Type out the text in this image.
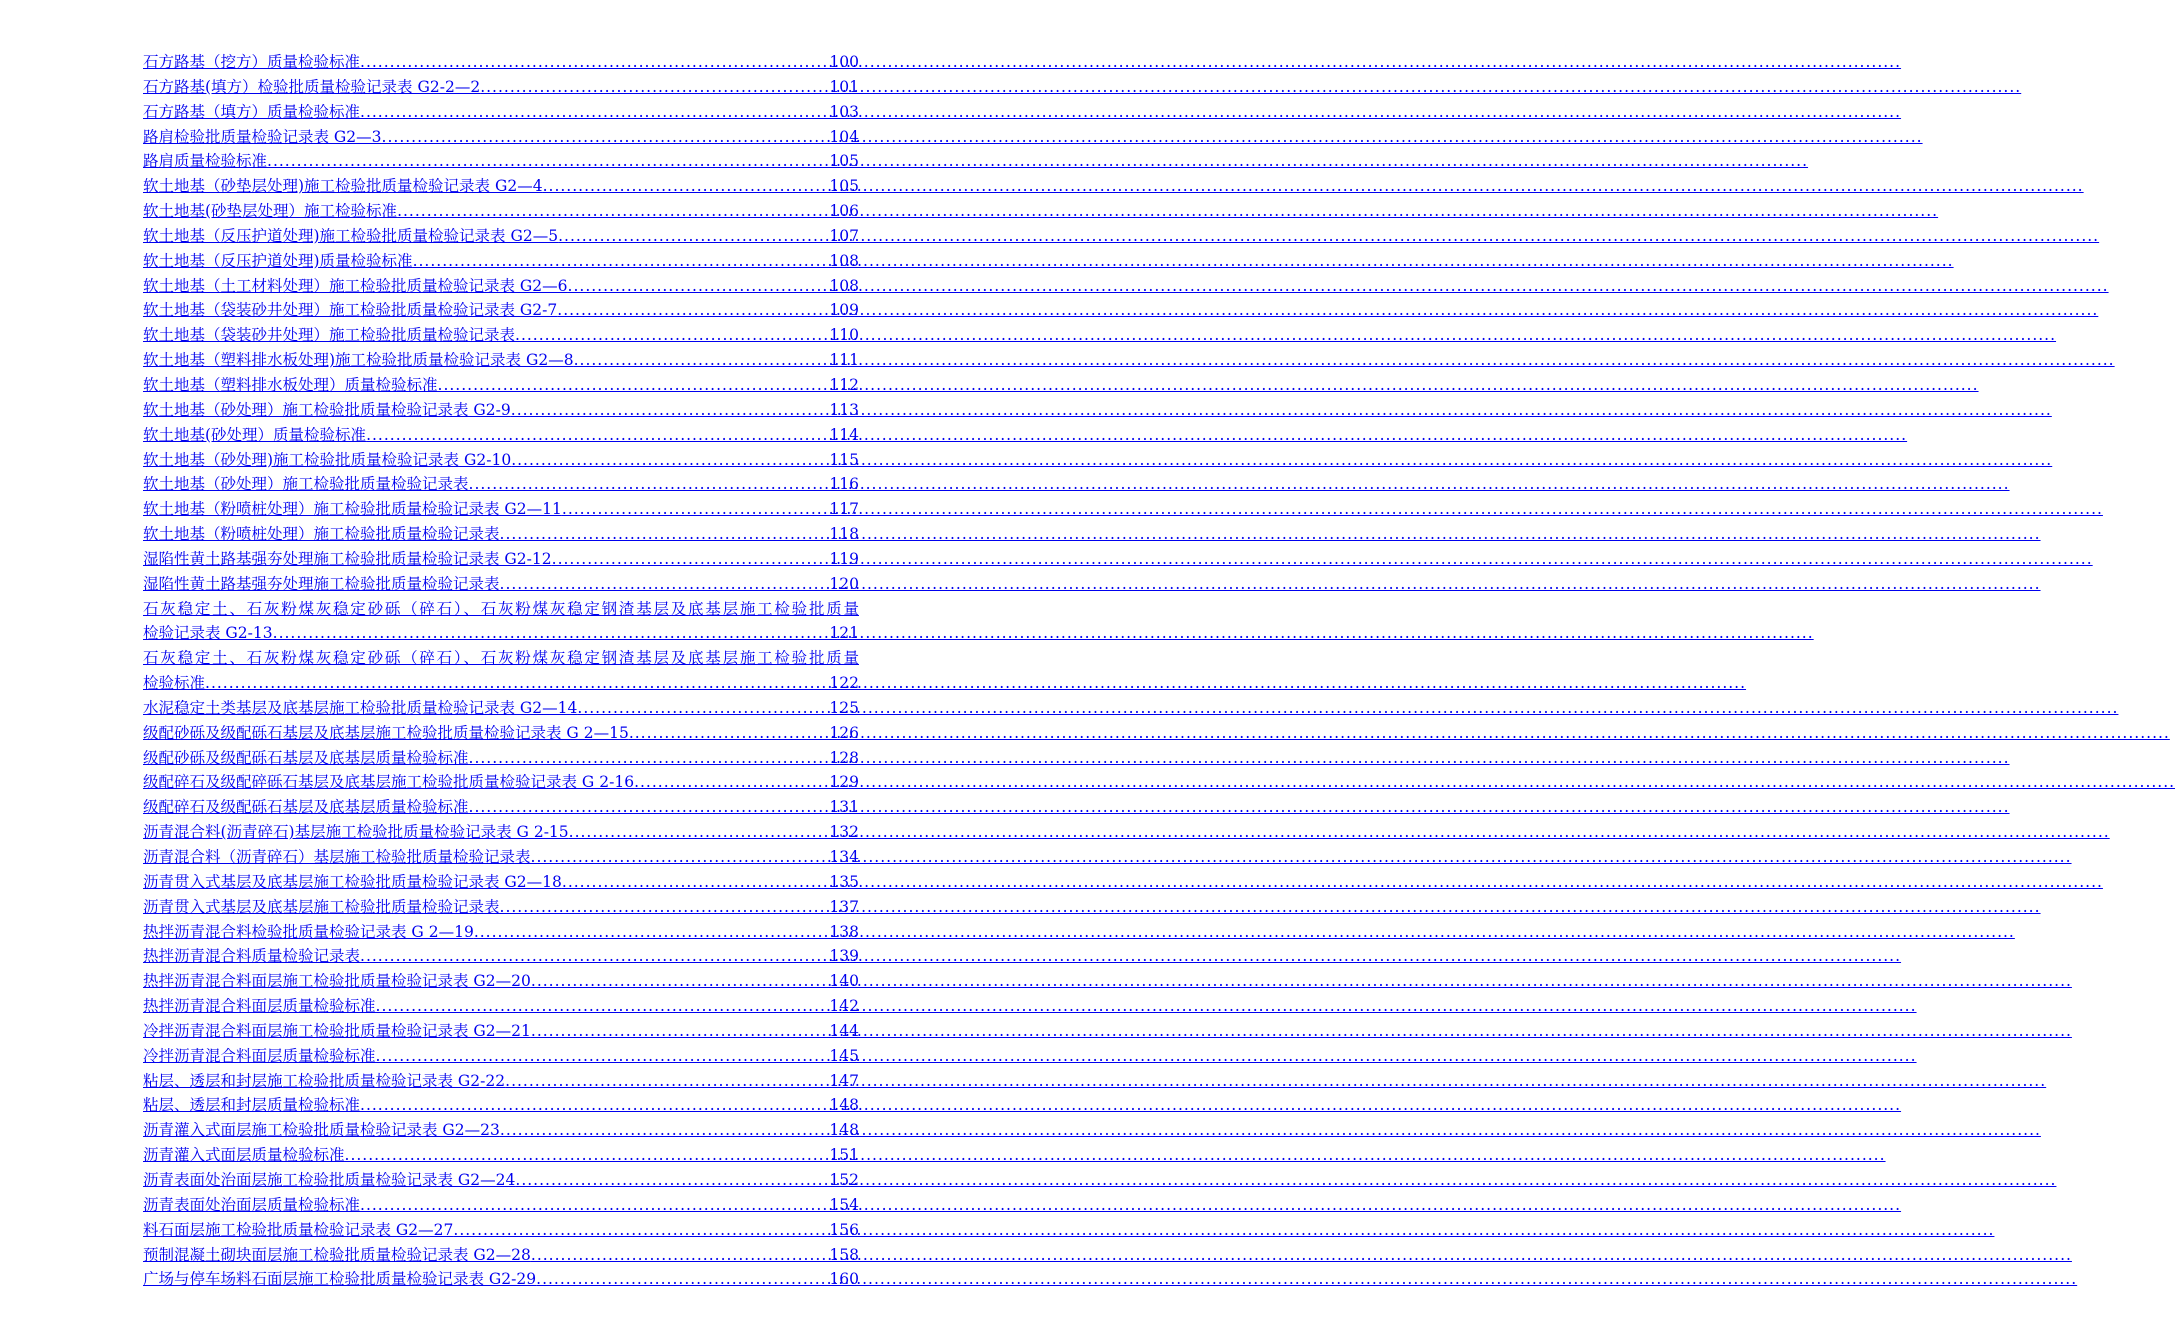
石方路基（挖方）质量检验标准 .....	100
石方路基(填方）检验批质量检验记录表 G2-2—2 .....	101
石方路基（填方）质量检验标准 .....	103
路肩检验批质量检验记录表 G2—3 .....	104
路肩质量检验标准 .....	105
软土地基（砂垫层处理)施工检验批质量检验记录表 G2—4 .....	105
软土地基(砂垫层处理）施工检验标准 .....	106
软土地基（反压护道处理)施工检验批质量检验记录表 G2—5 .....	107
软土地基（反压护道处理)质量检验标准 .....	108
软土地基（土工材料处理）施工检验批质量检验记录表 G2—6 .....	108
软土地基（袋装砂井处理）施工检验批质量检验记录表 G2-7 .....	109
软土地基（袋装砂井处理）施工检验批质量检验记录表 .....	110
软土地基（塑料排水板处理)施工检验批质量检验记录表 G2—8 .....	111
软土地基（塑料排水板处理）质量检验标准 .....	112
软土地基（砂处理）施工检验批质量检验记录表 G2-9 .....	113
软土地基(砂处理）质量检验标准 .....	114
软土地基（砂处理)施工检验批质量检验记录表 G2-10 .....	115
软土地基（砂处理）施工检验批质量检验记录表 .....	116
软土地基（粉喷桩处理）施工检验批质量检验记录表 G2—11 .....	117
软土地基（粉喷桩处理）施工检验批质量检验记录表 .....	118
湿陷性黄土路基强夯处理施工检验批质量检验记录表 G2-12 .....	119
湿陷性黄土路基强夯处理施工检验批质量检验记录表 .....	120
石灰稳定土、石灰粉煤灰稳定砂砾（碎石）、石灰粉煤灰稳定钢渣基层及底基层施工检验批质量
检验记录表 G2-13 .....	121
石灰稳定土、石灰粉煤灰稳定砂砾（碎石）、石灰粉煤灰稳定钢渣基层及底基层施工检验批质量
检验标准 .....	122
水泥稳定土类基层及底基层施工检验批质量检验记录表 G2—14 .....	125
级配砂砾及级配砾石基层及底基层施工检验批质量检验记录表 G 2—15 .....	126
级配砂砾及级配砾石基层及底基层质量检验标准 .....	128
级配碎石及级配碎砾石基层及底基层施工检验批质量检验记录表 G 2-16 .....	129
级配碎石及级配砾石基层及底基层质量检验标准 .....	131
沥青混合料(沥青碎石)基层施工检验批质量检验记录表 G 2-15 .....	132
沥青混合料（沥青碎石）基层施工检验批质量检验记录表 .....	134
沥青贯入式基层及底基层施工检验批质量检验记录表 G2—18 .....	135
沥青贯入式基层及底基层施工检验批质量检验记录表 .....	137
热拌沥青混合料检验批质量检验记录表 G 2—19 .....	138
热拌沥青混合料质量检验记录表 .....	139
热拌沥青混合料面层施工检验批质量检验记录表 G2—20 .....	140
热拌沥青混合料面层质量检验标准 .....	142
冷拌沥青混合料面层施工检验批质量检验记录表 G2—21 .....	144
冷拌沥青混合料面层质量检验标准 .....	145
粘层、透层和封层施工检验批质量检验记录表 G2-22 .....	147
粘层、透层和封层质量检验标准 .....	148
沥青灌入式面层施工检验批质量检验记录表 G2—23 .....	148
沥青灌入式面层质量检验标准 .....	151
沥青表面处治面层施工检验批质量检验记录表 G2—24 .....	152
沥青表面处治面层质量检验标准 .....	154
料石面层施工检验批质量检验记录表 G2—27 .....	156
预制混凝土砌块面层施工检验批质量检验记录表 G2—28 .....	158
广场与停车场料石面层施工检验批质量检验记录表 G2-29 .....	160
